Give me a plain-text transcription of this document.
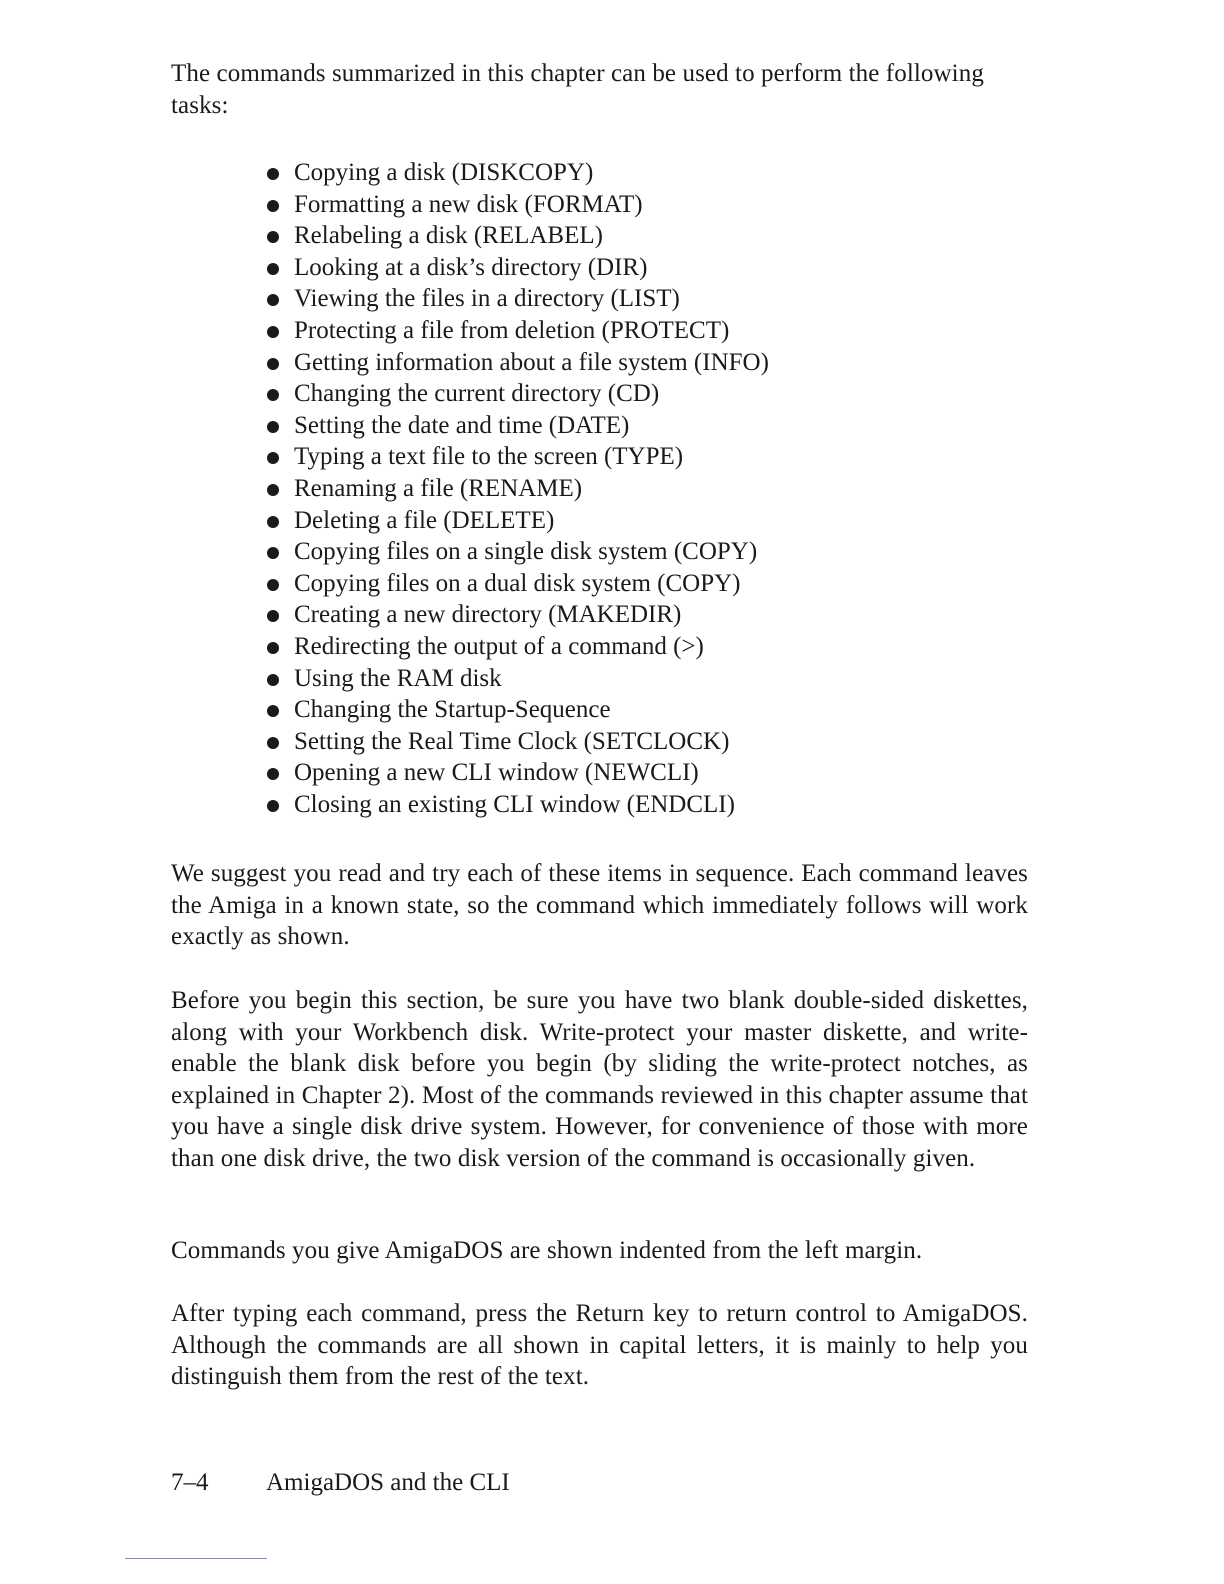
The commands summarized in this chapter can be used to perform the following tasks:

Copying a disk (DISKCOPY)
Formatting a new disk (FORMAT)
Relabeling a disk (RELABEL)
Looking at a disk’s directory (DIR)
Viewing the files in a directory (LIST)
Protecting a file from deletion (PROTECT)
Getting information about a file system (INFO)
Changing the current directory (CD)
Setting the date and time (DATE)
Typing a text file to the screen (TYPE)
Renaming a file (RENAME)
Deleting a file (DELETE)
Copying files on a single disk system (COPY)
Copying files on a dual disk system (COPY)
Creating a new directory (MAKEDIR)
Redirecting the output of a command (>)
Using the RAM disk
Changing the Startup-Sequence
Setting the Real Time Clock (SETCLOCK)
Opening a new CLI window (NEWCLI)
Closing an existing CLI window (ENDCLI)

We suggest you read and try each of these items in sequence. Each command leaves the Amiga in a known state, so the command which immediately follows will work exactly as shown.

Before you begin this section, be sure you have two blank double-sided diskettes, along with your Workbench disk. Write-protect your master diskette, and write-enable the blank disk before you begin (by sliding the write-protect notches, as explained in Chapter 2). Most of the commands reviewed in this chapter assume that you have a single disk drive system. However, for convenience of those with more than one disk drive, the two disk version of the command is occasionally given.

Commands you give AmigaDOS are shown indented from the left margin.

After typing each command, press the Return key to return control to AmigaDOS. Although the commands are all shown in capital letters, it is mainly to help you distinguish them from the rest of the text.

7–4 AmigaDOS and the CLI
